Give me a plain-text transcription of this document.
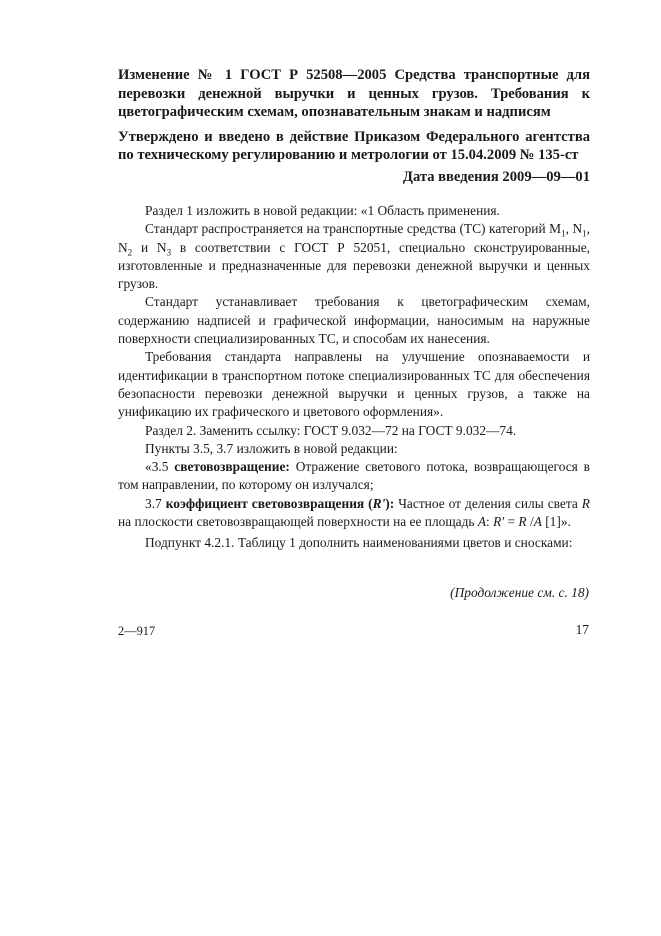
Изменение № 1 ГОСТ Р 52508—2005 Средства транспортные для перевозки денежной выручки и ценных грузов. Требования к цветографическим схемам, опознавательным знакам и надписям

Утверждено и введено в действие Приказом Федерального агентства по техническому регулированию и метрологии от 15.04.2009 № 135-ст

Дата введения 2009—09—01

Раздел 1 изложить в новой редакции: «1 Область применения.

Стандарт распространяется на транспортные средства (ТС) категорий $M_1$, $N_1$, $N_2$ и $N_3$ в соответствии с ГОСТ Р 52051, специально сконструированные, изготовленные и предназначенные для перевозки денежной выручки и ценных грузов.

Стандарт устанавливает требования к цветографическим схемам, содержанию надписей и графической информации, наносимым на наружные поверхности специализированных ТС, и способам их нанесения.

Требования стандарта направлены на улучшение опознаваемости и идентификации в транспортном потоке специализированных ТС для обеспечения безопасности перевозки денежной выручки и ценных грузов, а также на унификацию их графического и цветового оформления».

Раздел 2. Заменить ссылку: ГОСТ 9.032—72 на ГОСТ 9.032—74.

Пункты 3.5, 3.7 изложить в новой редакции:

«3.5 световозвращение: Отражение светового потока, возвращающегося в том направлении, по которому он излучался;

3.7 коэффициент световозвращения (R'): Частное от деления силы света R на плоскости световозвращающей поверхности на ее площадь A: R' = R /A [1]».

Подпункт 4.2.1. Таблицу 1 дополнить наименованиями цветов и сносками:

(Продолжение см. с. 18)
2—917	17
